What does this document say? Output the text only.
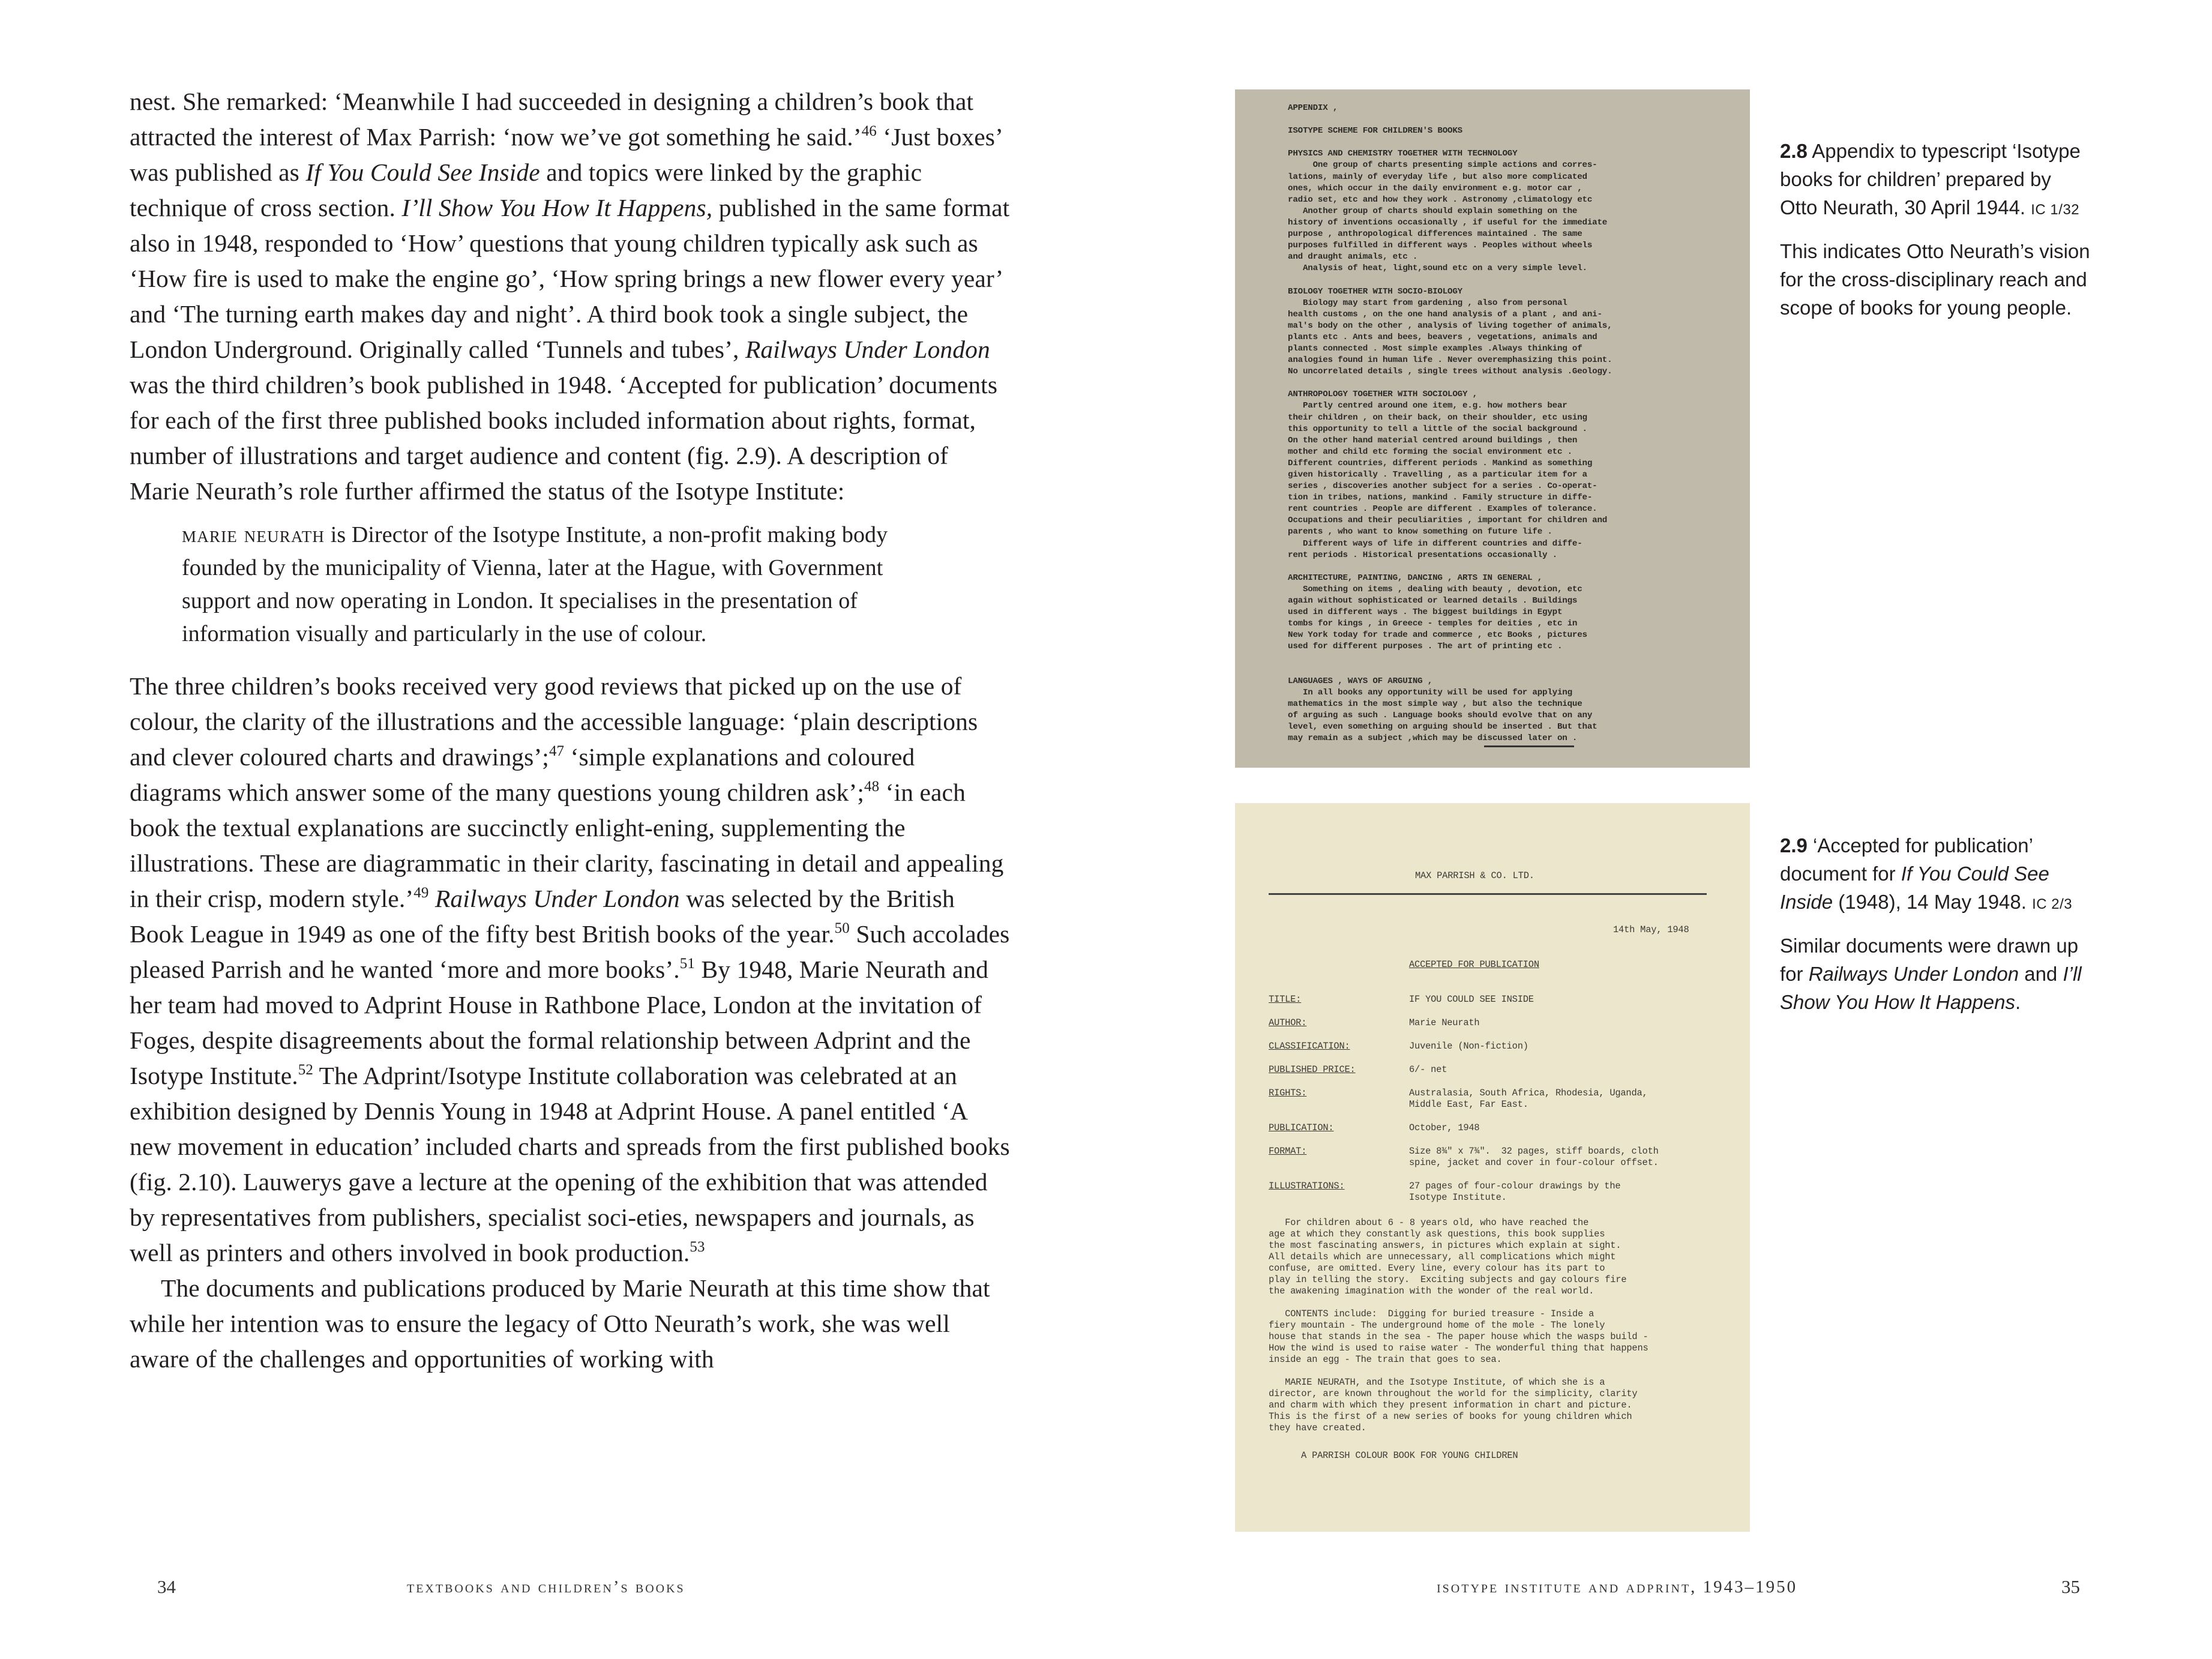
nest. She remarked: ‘Meanwhile I had succeeded in designing a children’s book that attracted the interest of Max Parrish: ‘now we’ve got something he said.’$^{46}$ ‘Just boxes’ was published as If You Could See Inside and topics were linked by the graphic technique of cross section. I’ll Show You How It Happens, published in the same format also in 1948, responded to ‘How’ questions that young children typically ask such as ‘How fire is used to make the engine go’, ‘How spring brings a new flower every year’ and ‘The turning earth makes day and night’. A third book took a single subject, the London Underground. Originally called ‘Tunnels and tubes’, Railways Under London was the third children’s book published in 1948. ‘Accepted for publication’ documents for each of the first three published books included information about rights, format, number of illustrations and target audience and content (fig. 2.9). A description of Marie Neurath’s role further affirmed the status of the Isotype Institute:

marie neurath is Director of the Isotype Institute, a non-profit making body founded by the municipality of Vienna, later at the Hague, with Government support and now operating in London. It specialises in the presentation of information visually and particularly in the use of colour.

The three children’s books received very good reviews that picked up on the use of colour, the clarity of the illustrations and the accessible language: ‘plain descriptions and clever coloured charts and drawings’;$^{47}$ ‘simple explanations and coloured diagrams which answer some of the many questions young children ask’;$^{48}$ ‘in each book the textual explanations are succinctly enlight-ening, supplementing the illustrations. These are diagrammatic in their clarity, fascinating in detail and appealing in their crisp, modern style.’$^{49}$ Railways Under London was selected by the British Book League in 1949 as one of the fifty best British books of the year.$^{50}$ Such accolades pleased Parrish and he wanted ‘more and more books’.$^{51}$ By 1948, Marie Neurath and her team had moved to Adprint House in Rathbone Place, London at the invitation of Foges, despite disagreements about the formal relationship between Adprint and the Isotype Institute.$^{52}$ The Adprint/Isotype Institute collaboration was celebrated at an exhibition designed by Dennis Young in 1948 at Adprint House. A panel entitled ‘A new movement in education’ included charts and spreads from the first published books (fig. 2.10). Lauwerys gave a lecture at the opening of the exhibition that was attended by representatives from publishers, specialist soci-eties, newspapers and journals, as well as printers and others involved in book production.$^{53}$

The documents and publications produced by Marie Neurath at this time show that while her intention was to ensure the legacy of Otto Neurath’s work, she was well aware of the challenges and opportunities of working with

34	textbooks and children’s books
APPENDIX ,

ISOTYPE SCHEME FOR CHILDREN'S BOOKS

PHYSICS AND CHEMISTRY TOGETHER WITH TECHNOLOGY
One group of charts presenting simple actions and corres-
lations, mainly of everyday life , but also more complicated
ones, which occur in the daily environment e.g. motor car ,
radio set, etc and how they work . Astronomy ,climatology etc
Another group of charts should explain something on the
history of inventions occasionally , if useful for the immediate
purpose , anthropological differences maintained . The same
purposes fulfilled in different ways . Peoples without wheels
and draught animals, etc .
Analysis of heat, light,sound etc on a very simple level.

BIOLOGY TOGETHER WITH SOCIO-BIOLOGY
Biology may start from gardening , also from personal
health customs , on the one hand analysis of a plant , and ani-
mal's body on the other , analysis of living together of animals,
plants etc . Ants and bees, beavers , vegetations, animals and
plants connected . Most simple examples .Always thinking of
analogies found in human life . Never overemphasizing this point.
No uncorrelated details , single trees without analysis .Geology.

ANTHROPOLOGY TOGETHER WITH SOCIOLOGY ,
Partly centred around one item, e.g. how mothers bear
their children , on their back, on their shoulder, etc using
this opportunity to tell a little of the social background .
On the other hand material centred around buildings , then
mother and child etc forming the social environment etc .
Different countries, different periods . Mankind as something
given historically . Travelling , as a particular item for a
series , discoveries another subject for a series . Co-operat-
tion in tribes, nations, mankind . Family structure in diffe-
rent countries . People are different . Examples of tolerance.
Occupations and their peculiarities , important for children and
parents , who want to know something on future life .
Different ways of life in different countries and diffe-
rent periods . Historical presentations occasionally .

ARCHITECTURE, PAINTING, DANCING , ARTS IN GENERAL ,
Something on items , dealing with beauty , devotion, etc
again without sophisticated or learned details . Buildings
used in different ways . The biggest buildings in Egypt
tombs for kings , in Greece - temples for deities , etc in
New York today for trade and commerce , etc Books , pictures
used for different purposes . The art of printing etc .

LANGUAGES , WAYS OF ARGUING ,
In all books any opportunity will be used for applying
mathematics in the most simple way , but also the technique
of arguing as such . Language books should evolve that on any
level, even something on arguing should be inserted . But that
may remain as a subject ,which may be discussed later on .
MAX PARRISH & CO. LTD.
14th May, 1948
ACCEPTED FOR PUBLICATION
TITLE:	IF YOU COULD SEE INSIDE
AUTHOR:	Marie Neurath
CLASSIFICATION:	Juvenile (Non-fiction)
PUBLISHED PRICE:	6/- net
RIGHTS:	Australasia, South Africa, Rhodesia, Uganda,
Middle East, Far East.
PUBLICATION:	October, 1948
FORMAT:	Size 8¾" x 7¾".  32 pages, stiff boards, cloth
spine, jacket and cover in four-colour offset.
ILLUSTRATIONS:	27 pages of four-colour drawings by the
Isotype Institute.
For children about 6 - 8 years old, who have reached the
age at which they constantly ask questions, this book supplies
the most fascinating answers, in pictures which explain at sight.
All details which are unnecessary, all complications which might
confuse, are omitted. Every line, every colour has its part to
play in telling the story.  Exciting subjects and gay colours fire
the awakening imagination with the wonder of the real world.

CONTENTS include:  Digging for buried treasure - Inside a
fiery mountain - The underground home of the mole - The lonely
house that stands in the sea - The paper house which the wasps build -
How the wind is used to raise water - The wonderful thing that happens
inside an egg - The train that goes to sea.

MARIE NEURATH, and the Isotype Institute, of which she is a
director, are known throughout the world for the simplicity, clarity
and charm with which they present information in chart and picture.
This is the first of a new series of books for young children which
they have created.
A PARRISH COLOUR BOOK FOR YOUNG CHILDREN

2.8 Appendix to typescript ‘Isotype books for children’ prepared by Otto Neurath, 30 April 1944. IC 1/32

This indicates Otto Neurath’s vision for the cross-disciplinary reach and scope of books for young people.

2.9 ‘Accepted for publication’ document for If You Could See Inside (1948), 14 May 1948. IC 2/3

Similar documents were drawn up for Railways Under London and I’ll Show You How It Happens.

isotype institute and adprint, 1943–1950	35
